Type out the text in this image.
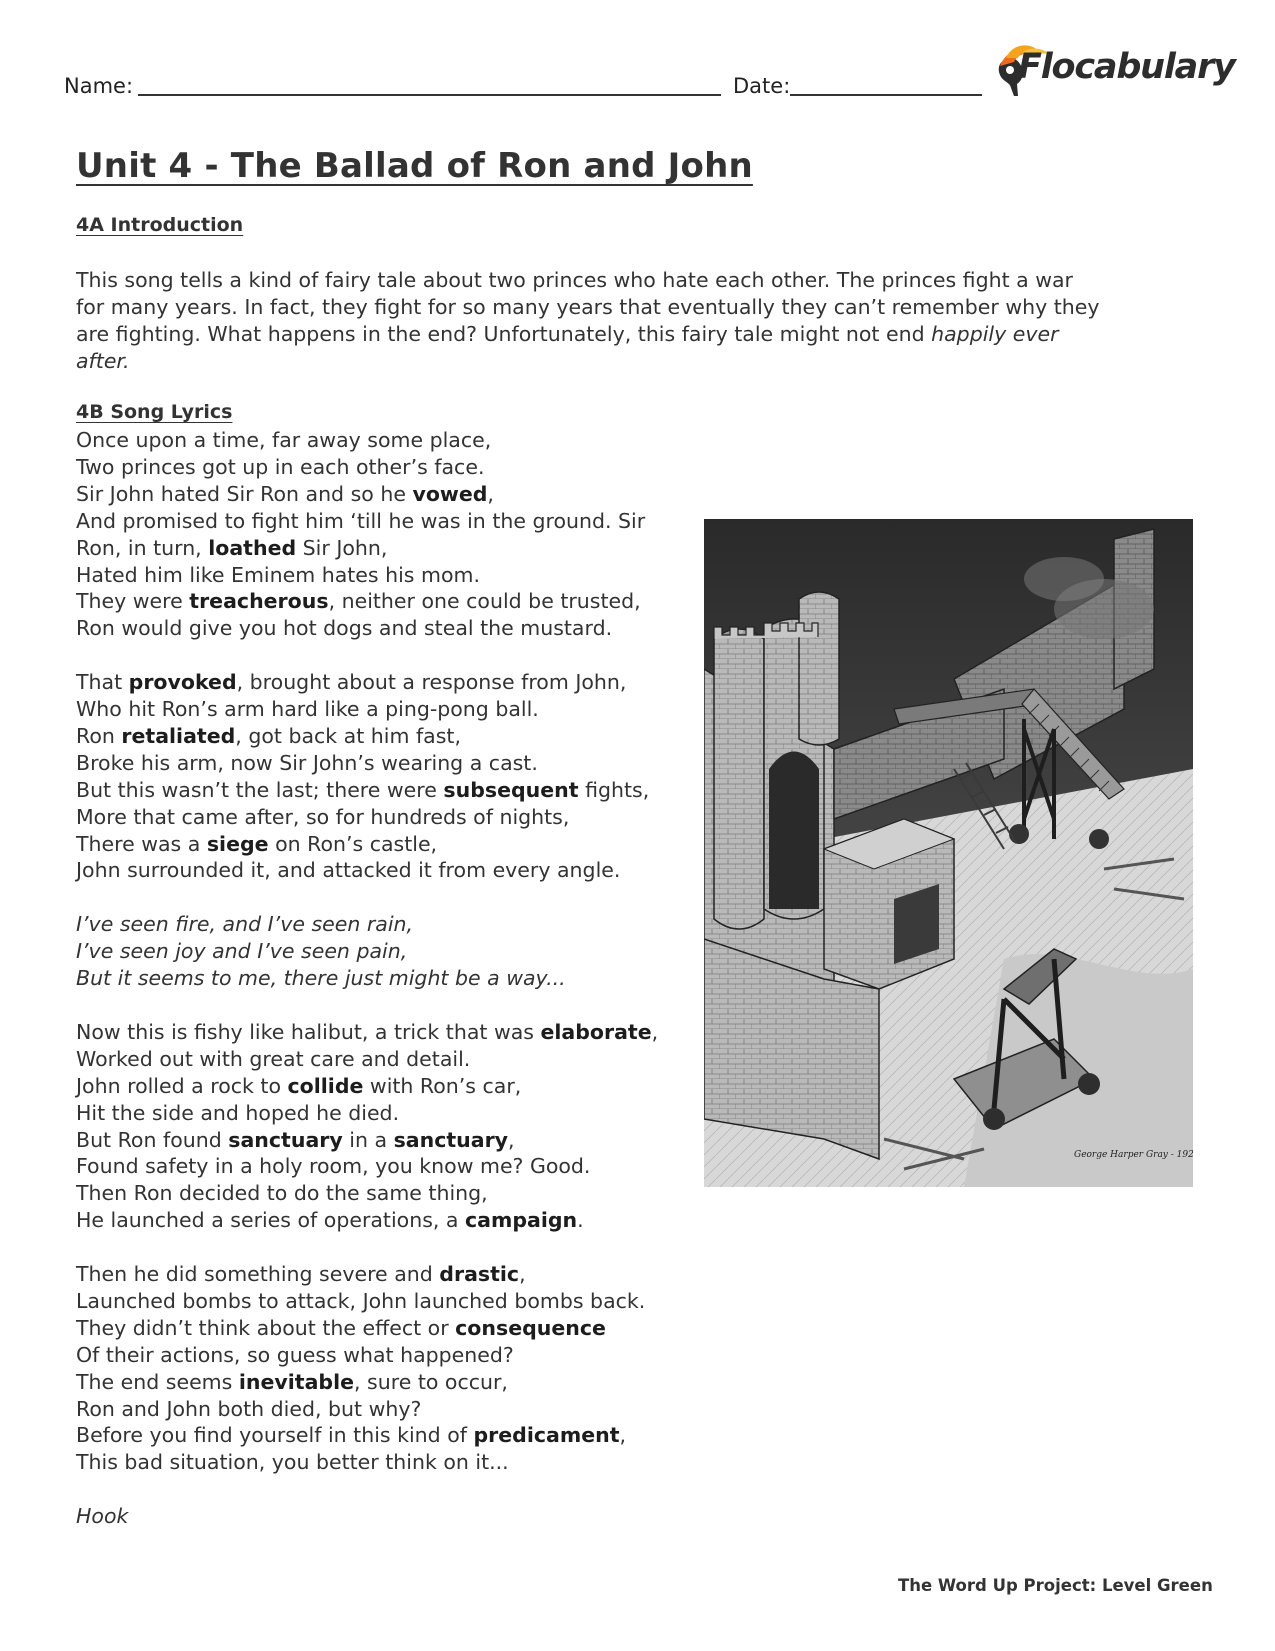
Name:	Date:	Flocabulary
Unit 4 - The Ballad of Ron and John
4A Introduction
This song tells a kind of fairy tale about two princes who hate each other. The princes fight a war for many years. In fact, they fight for so many years that eventually they can’t remember why they are fighting. What happens in the end? Unfortunately, this fairy tale might not end happily ever after.
4B Song Lyrics
Once upon a time, far away some place,
Two princes got up in each other’s face.
Sir John hated Sir Ron and so he vowed,
And promised to fight him ‘till he was in the ground. Sir
Ron, in turn, loathed Sir John,
Hated him like Eminem hates his mom.
They were treacherous, neither one could be trusted,
Ron would give you hot dogs and steal the mustard.
That provoked, brought about a response from John,
Who hit Ron’s arm hard like a ping-pong ball.
Ron retaliated, got back at him fast,
Broke his arm, now Sir John’s wearing a cast.
But this wasn’t the last; there were subsequent fights,
More that came after, so for hundreds of nights,
There was a siege on Ron’s castle,
John surrounded it, and attacked it from every angle.
I’ve seen fire, and I’ve seen rain,
I’ve seen joy and I’ve seen pain,
But it seems to me, there just might be a way...
Now this is fishy like halibut, a trick that was elaborate,
Worked out with great care and detail.
John rolled a rock to collide with Ron’s car,
Hit the side and hoped he died.
But Ron found sanctuary in a sanctuary,
Found safety in a holy room, you know me? Good.
Then Ron decided to do the same thing,
He launched a series of operations, a campaign.
Then he did something severe and drastic,
Launched bombs to attack, John launched bombs back.
They didn’t think about the effect or consequence
Of their actions, so guess what happened?
The end seems inevitable, sure to occur,
Ron and John both died, but why?
Before you find yourself in this kind of predicament,
This bad situation, you better think on it...
Hook
George Harper Gray - 1927
The Word Up Project: Level Green
